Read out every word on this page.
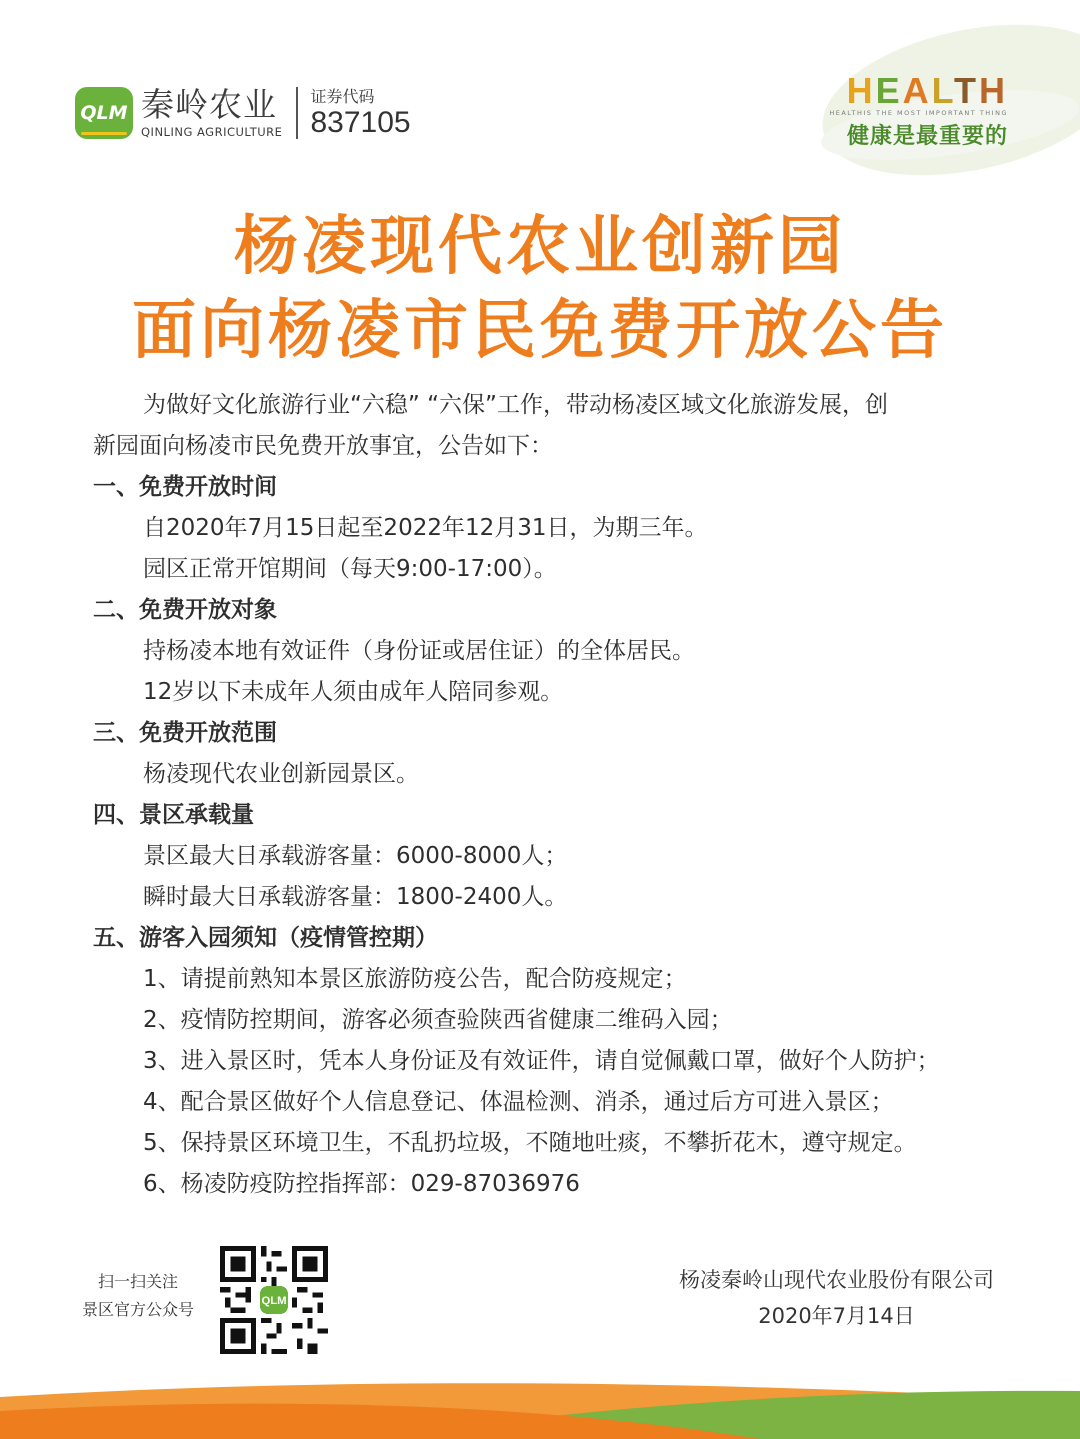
QLM 秦岭农业
QINLING AGRICULTURE
证券代码
837105
HEALTH
HEALTHIS THE MOST IMPORTANT THING
健康是最重要的
杨凌现代农业创新园
面向杨凌市民免费开放公告

为做好文化旅游行业“六稳” “六保”工作，带动杨凌区域文化旅游发展，创

新园面向杨凌市民免费开放事宜，公告如下：

一、免费开放时间

自2020年7月15日起至2022年12月31日，为期三年。

园区正常开馆期间（每天9:00-17:00）。

二、免费开放对象

持杨凌本地有效证件（身份证或居住证）的全体居民。

12岁以下未成年人须由成年人陪同参观。

三、免费开放范围

杨凌现代农业创新园景区。

四、景区承载量

景区最大日承载游客量：6000-8000人；

瞬时最大日承载游客量：1800-2400人。

五、游客入园须知（疫情管控期）

1、请提前熟知本景区旅游防疫公告，配合防疫规定；

2、疫情防控期间，游客必须查验陕西省健康二维码入园；

3、进入景区时，凭本人身份证及有效证件，请自觉佩戴口罩，做好个人防护；

4、配合景区做好个人信息登记、体温检测、消杀，通过后方可进入景区；

5、保持景区环境卫生，不乱扔垃圾，不随地吐痰，不攀折花木，遵守规定。

6、杨凌防疫防控指挥部：029-87036976

扫一扫关注
景区官方公众号	QLM
杨凌秦岭山现代农业股份有限公司
2020年7月14日
